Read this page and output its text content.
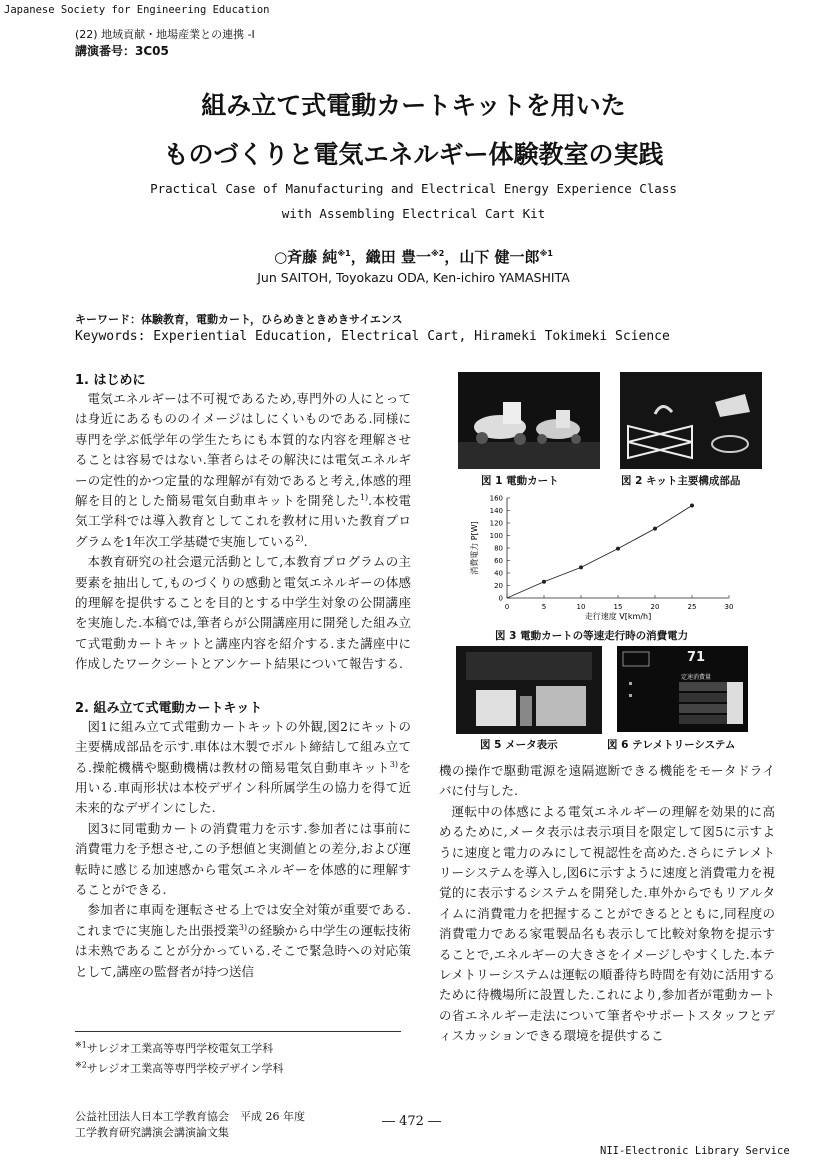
Japanese Society for Engineering Education
(22) 地域貢献・地場産業との連携 -I
講演番号：3C05
組み立て式電動カートキットを用いた
ものづくりと電気エネルギー体験教室の実践
Practical Case of Manufacturing and Electrical Energy Experience Class
with Assembling Electrical Cart Kit
○斉藤 純$^{※1}$，織田 豊一$^{※2}$，山下 健一郎$^{※1}$
Jun SAITOH, Toyokazu ODA, Ken-ichiro YAMASHITA
キーワード：体験教育，電動カート，ひらめきときめきサイエンス
Keywords: Experiential Education, Electrical Cart, Hirameki Tokimeki Science
1. はじめに

電気エネルギーは不可視であるため,専門外の人にとっては身近にあるもののイメージはしにくいものである.同様に専門を学ぶ低学年の学生たちにも本質的な内容を理解させることは容易ではない.筆者らはその解決には電気エネルギーの定性的かつ定量的な理解が有効であると考え,体感的理解を目的とした簡易電気自動車キットを開発した$^{1)}$.本校電気工学科では導入教育としてこれを教材に用いた教育プログラムを1年次工学基礎で実施している$^{2)}$.

本教育研究の社会還元活動として,本教育プログラムの主要素を抽出して,ものづくりの感動と電気エネルギーの体感的理解を提供することを目的とする中学生対象の公開講座を実施した.本稿では,筆者らが公開講座用に開発した組み立て式電動カートキットと講座内容を紹介する.また講座中に作成したワークシートとアンケート結果について報告する.

2. 組み立て式電動カートキット

図1に組み立て式電動カートキットの外観,図2にキットの主要構成部品を示す.車体は木製でボルト締結して組み立てる.操舵機構や駆動機構は教材の簡易電気自動車キット$^{3)}$を用いる.車両形状は本校デザイン科所属学生の協力を得て近未来的なデザインにした.

図3に同電動カートの消費電力を示す.参加者には事前に消費電力を予想させ,この予想値と実測値との差分,および運転時に感じる加速感から電気エネルギーを体感的に理解することができる.

参加者に車両を運転させる上では安全対策が重要である.これまでに実施した出張授業$^{3)}$の経験から中学生の運転技術は未熟であることが分かっている.そこで緊急時への対応策として,講座の監督者が持つ送信

$^{※1}$サレジオ工業高等専門学校電気工学科
$^{※2}$サレジオ工業高等専門学校デザイン学科
図 1 電動カート	図 2 キット主要構成部品
0	5	10	15	20	25	30
0
20
40
60
80
100
120
140
160
走行速度 V[km/h]
消費電力 P[W]
図 3 電動カートの等速走行時の消費電力
図 5 メータ表示
71
定速消費量
図 6 テレメトリーシステム

機の操作で駆動電源を遠隔遮断できる機能をモータドライバに付与した.

運転中の体感による電気エネルギーの理解を効果的に高めるために,メータ表示は表示項目を限定して図5に示すように速度と電力のみにして視認性を高めた.さらにテレメトリーシステムを導入し,図6に示すように速度と消費電力を視覚的に表示するシステムを開発した.車外からでもリアルタイムに消費電力を把握することができるとともに,同程度の消費電力である家電製品名も表示して比較対象物を提示することで,エネルギーの大きさをイメージしやすくした.本テレメトリーシステムは運転の順番待ち時間を有効に活用するために待機場所に設置した.これにより,参加者が電動カートの省エネルギー走法について筆者やサポートスタッフとディスカッションできる環境を提供するこ

公益社団法人日本工学教育協会　平成 26 年度
工学教育研究講演会講演論文集
― 472 ―
NII-Electronic Library Service
